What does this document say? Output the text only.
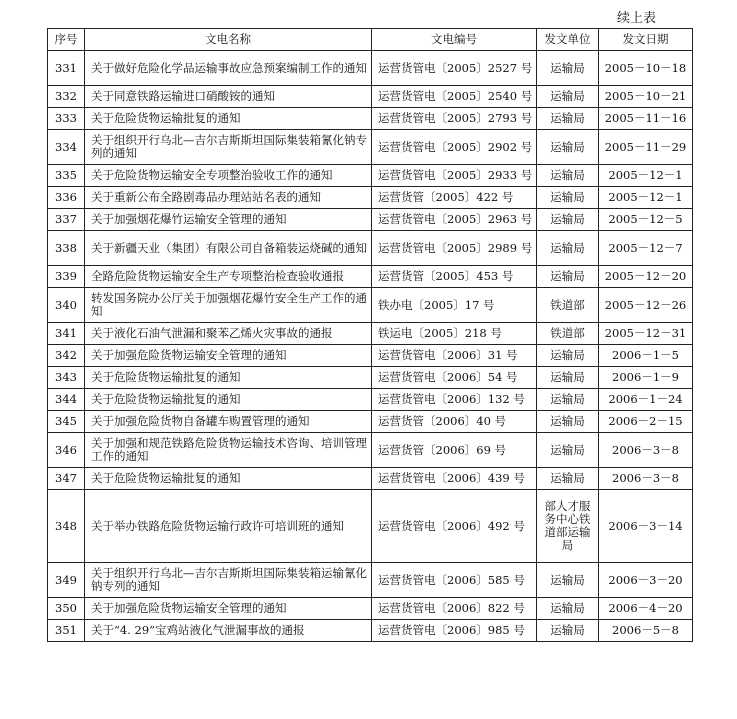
续上表
序号	文电名称	文电编号	发文单位	发文日期
331	关于做好危险化学品运输事故应急预案编制工作的通知	运营货管电〔2005〕2527 号	运输局	2005－10－18
332	关于同意铁路运输进口硝酸铵的通知	运营货管电〔2005〕2540 号	运输局	2005－10－21
333	关于危险货物运输批复的通知	运营货管电〔2005〕2793 号	运输局	2005－11－16
334	关于组织开行乌北—吉尔吉斯斯坦国际集装箱氰化钠专列的通知	运营货管电〔2005〕2902 号	运输局	2005－11－29
335	关于危险货物运输安全专项整治验收工作的通知	运营货管电〔2005〕2933 号	运输局	2005－12－1
336	关于重新公布全路剧毒品办理站站名表的通知	运营货管〔2005〕422 号	运输局	2005－12－1
337	关于加强烟花爆竹运输安全管理的通知	运营货管电〔2005〕2963 号	运输局	2005－12－5
338	关于新疆天业（集团）有限公司自备箱装运烧碱的通知	运营货管电〔2005〕2989 号	运输局	2005－12－7
339	全路危险货物运输安全生产专项整治检查验收通报	运营货管〔2005〕453 号	运输局	2005－12－20
340	转发国务院办公厅关于加强烟花爆竹安全生产工作的通知	铁办电〔2005〕17 号	铁道部	2005－12－26
341	关于液化石油气泄漏和聚苯乙烯火灾事故的通报	铁运电〔2005〕218 号	铁道部	2005－12－31
342	关于加强危险货物运输安全管理的通知	运营货管电〔2006〕31 号	运输局	2006－1－5
343	关于危险货物运输批复的通知	运营货管电〔2006〕54 号	运输局	2006－1－9
344	关于危险货物运输批复的通知	运营货管电〔2006〕132 号	运输局	2006－1－24
345	关于加强危险货物自备罐车购置管理的通知	运营货管〔2006〕40 号	运输局	2006－2－15
346	关于加强和规范铁路危险货物运输技术咨询、培训管理工作的通知	运营货管〔2006〕69 号	运输局	2006－3－8
347	关于危险货物运输批复的通知	运营货管电〔2006〕439 号	运输局	2006－3－8
348	关于举办铁路危险货物运输行政许可培训班的通知	运营货管电〔2006〕492 号	部人才服务中心铁道部运输局	2006－3－14
349	关于组织开行乌北—吉尔吉斯斯坦国际集装箱运输氰化钠专列的通知	运营货管电〔2006〕585 号	运输局	2006－3－20
350	关于加强危险货物运输安全管理的通知	运营货管电〔2006〕822 号	运输局	2006－4－20
351	关于“4. 29”宝鸡站液化气泄漏事故的通报	运营货管电〔2006〕985 号	运输局	2006－5－8
